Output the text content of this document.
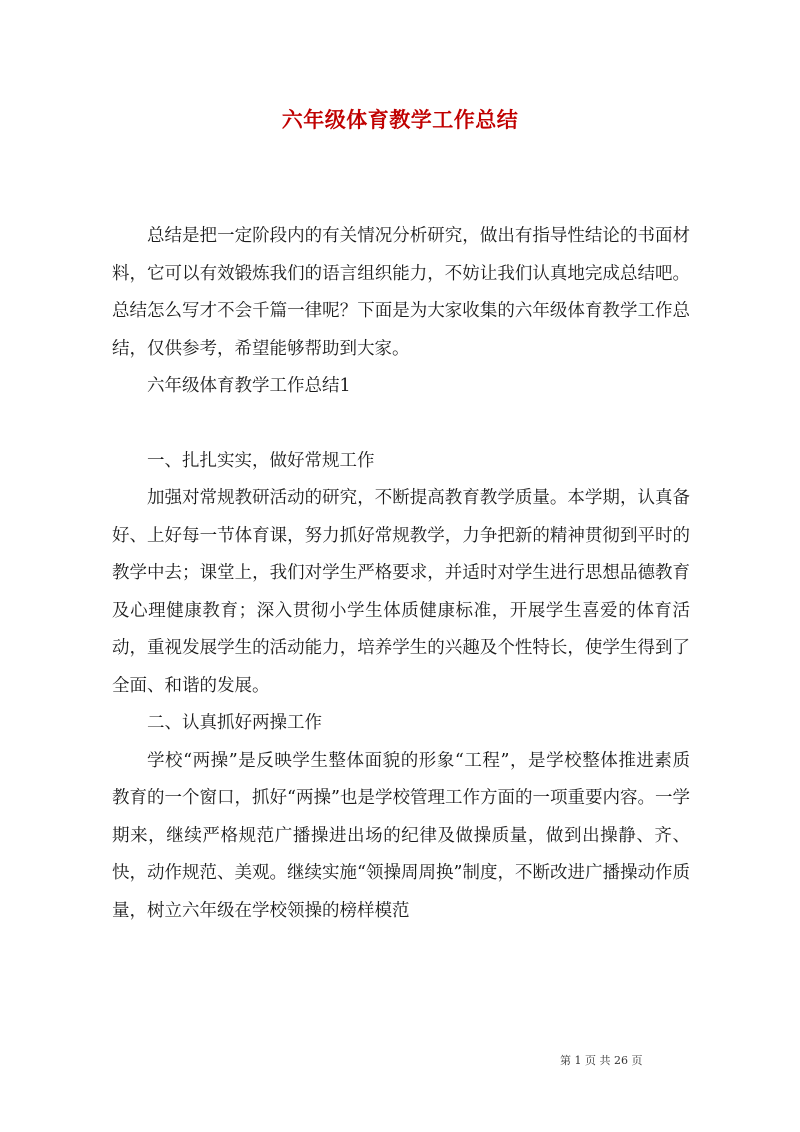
六年级体育教学工作总结

总结是把一定阶段内的有关情况分析研究，做出有指导性结论的书面材料，它可以有效锻炼我们的语言组织能力，不妨让我们认真地完成总结吧。总结怎么写才不会千篇一律呢？下面是为大家收集的六年级体育教学工作总结，仅供参考，希望能够帮助到大家。

六年级体育教学工作总结1

一、扎扎实实，做好常规工作

加强对常规教研活动的研究，不断提高教育教学质量。本学期，认真备好、上好每一节体育课，努力抓好常规教学，力争把新的精神贯彻到平时的教学中去；课堂上，我们对学生严格要求，并适时对学生进行思想品德教育及心理健康教育；深入贯彻小学生体质健康标准，开展学生喜爱的体育活动，重视发展学生的活动能力，培养学生的兴趣及个性特长，使学生得到了全面、和谐的发展。

二、认真抓好两操工作

学校“两操”是反映学生整体面貌的形象“工程”，是学校整体推进素质教育的一个窗口，抓好“两操”也是学校管理工作方面的一项重要内容。一学期来，继续严格规范广播操进出场的纪律及做操质量，做到出操静、齐、快，动作规范、美观。继续实施“领操周周换”制度，不断改进广播操动作质量，树立六年级在学校领操的榜样模范

第 1 页 共 26 页
